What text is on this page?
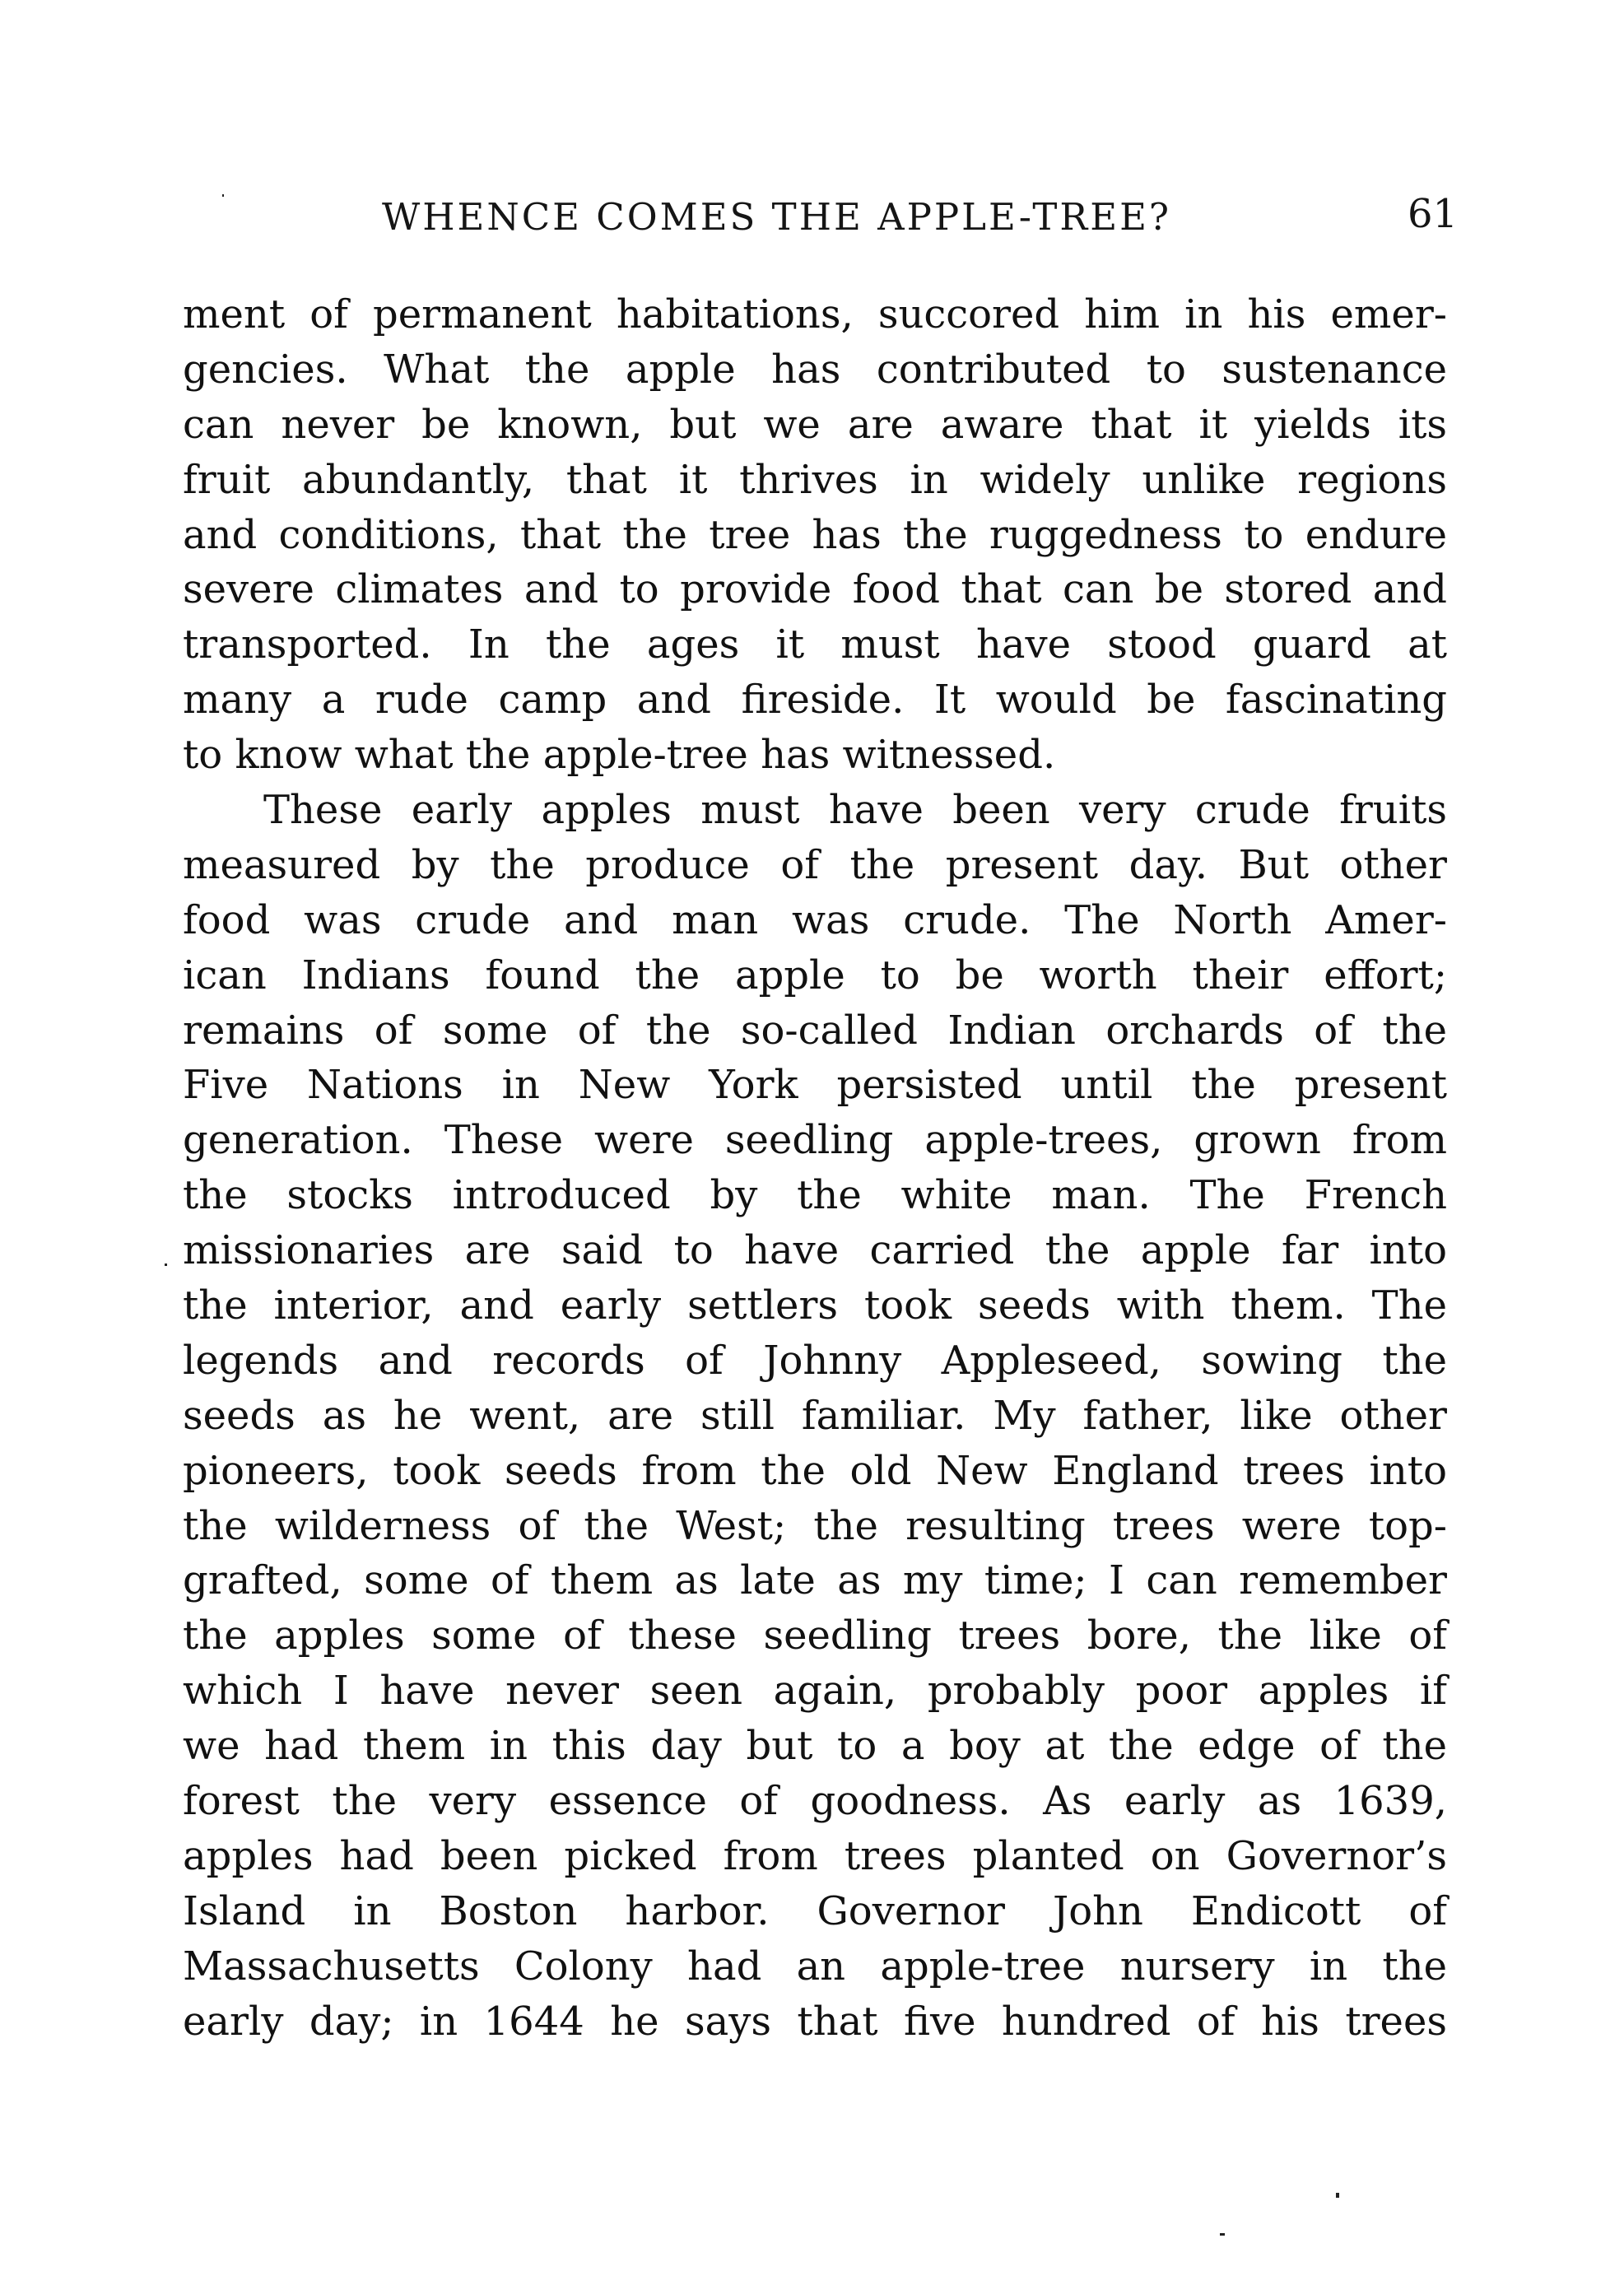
WHENCE COMES THE APPLE-TREE?	61
ment of permanent habitations, succored him in his emer-
gencies. What the apple has contributed to sustenance
can never be known, but we are aware that it yields its
fruit abundantly, that it thrives in widely unlike regions
and conditions, that the tree has the ruggedness to endure
severe climates and to provide food that can be stored and
transported. In the ages it must have stood guard at
many a rude camp and fireside. It would be fascinating
to know what the apple-tree has witnessed.
These early apples must have been very crude fruits
measured by the produce of the present day. But other
food was crude and man was crude. The North Amer-
ican Indians found the apple to be worth their effort;
remains of some of the so-called Indian orchards of the
Five Nations in New York persisted until the present
generation. These were seedling apple-trees, grown from
the stocks introduced by the white man. The French
missionaries are said to have carried the apple far into
the interior, and early settlers took seeds with them. The
legends and records of Johnny Appleseed, sowing the
seeds as he went, are still familiar. My father, like other
pioneers, took seeds from the old New England trees into
the wilderness of the West; the resulting trees were top-
grafted, some of them as late as my time; I can remember
the apples some of these seedling trees bore, the like of
which I have never seen again, probably poor apples if
we had them in this day but to a boy at the edge of the
forest the very essence of goodness. As early as 1639,
apples had been picked from trees planted on Governor’s
Island in Boston harbor. Governor John Endicott of
Massachusetts Colony had an apple-tree nursery in the
early day; in 1644 he says that five hundred of his trees
